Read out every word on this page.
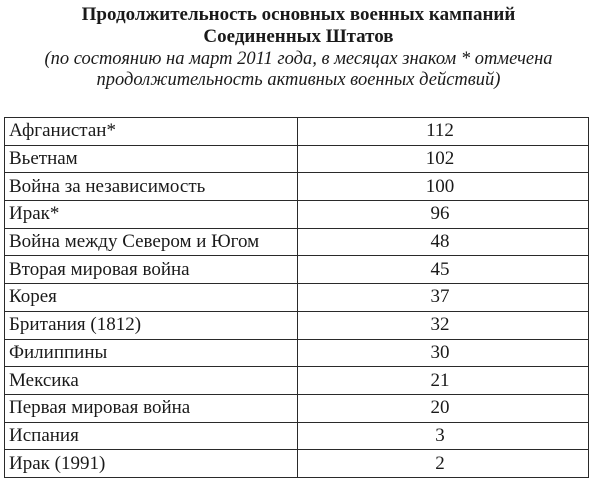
Продолжительность основных военных кампаний
Соединенных Штатов

(по состоянию на март 2011 года, в месяцах знаком * отмечена
продолжительность активных военных действий)

Афганистан*	112
Вьетнам	102
Война за независимость	100
Ирак*	96
Война между Севером и Югом	48
Вторая мировая война	45
Корея	37
Британия (1812)	32
Филиппины	30
Мексика	21
Первая мировая война	20
Испания	3
Ирак (1991)	2
